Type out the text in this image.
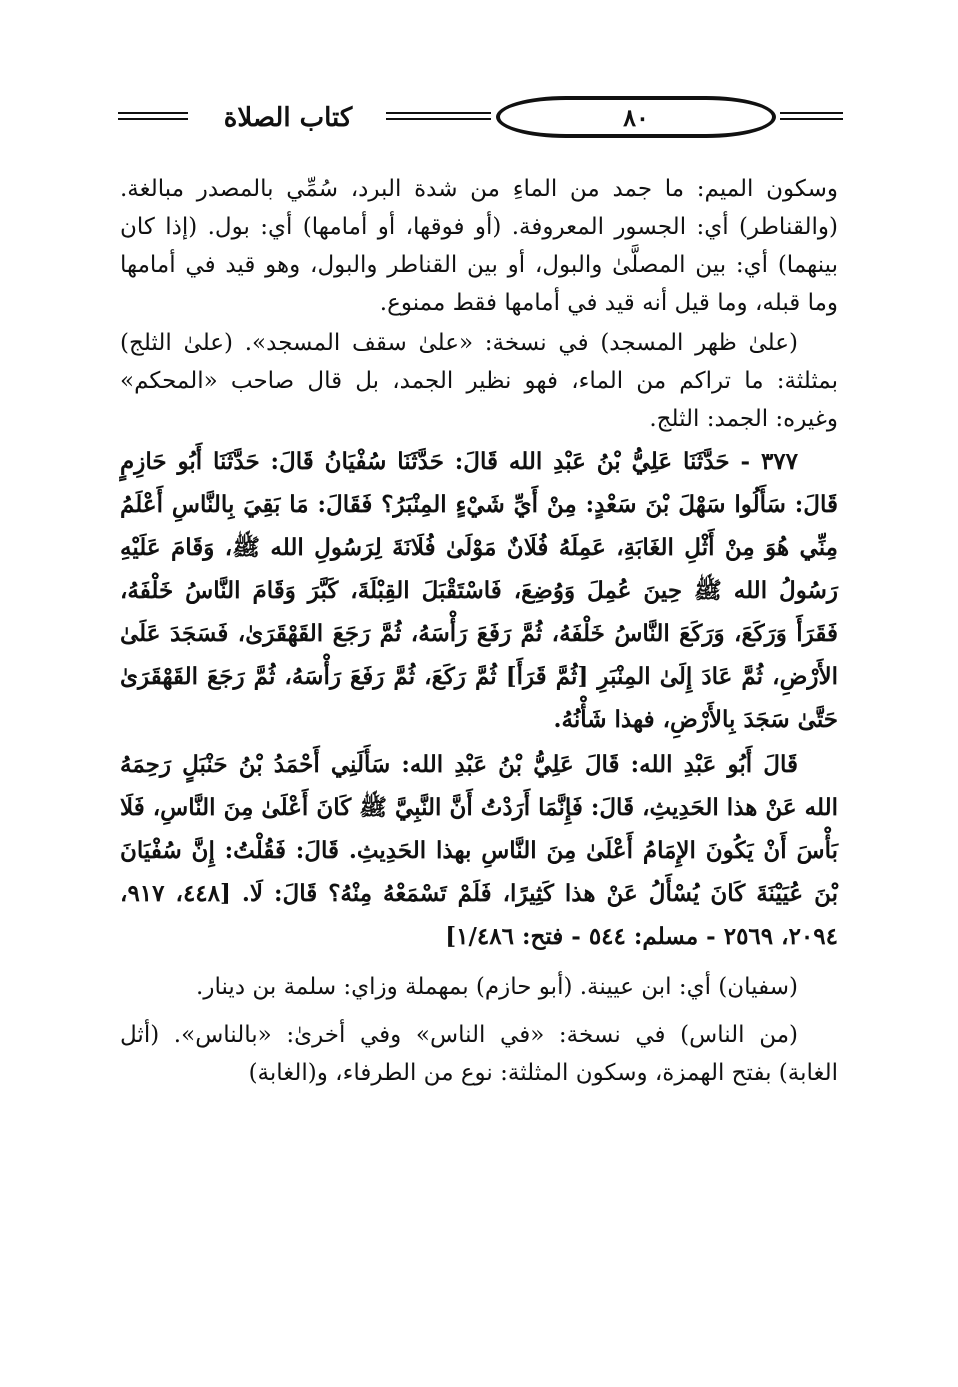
كتاب الصلاة	٨٠

وسكون الميم: ما جمد من الماءِ من شدة البرد، سُمِّي بالمصدر مبالغة. (والقناطر) أي: الجسور المعروفة. (أو فوقها، أو أمامها) أي: بول. (إذا كان بينهما) أي: بين المصلَّىٰ والبول، أو بين القناطر والبول، وهو قيد في أمامها وما قبله، وما قيل أنه قيد في أمامها فقط ممنوع.

(علىٰ ظهر المسجد) في نسخة: «علىٰ سقف المسجد». (علىٰ الثلج) بمثلثة: ما تراكم من الماء، فهو نظير الجمد، بل قال صاحب «المحكم» وغيره: الجمد: الثلج.

٣٧٧ - حَدَّثَنَا عَلِيُّ بْنُ عَبْدِ الله قَالَ: حَدَّثَنَا سُفْيَانُ قَالَ: حَدَّثَنَا أَبُو حَازِمٍ قَالَ: سَأَلُوا سَهْلَ بْنَ سَعْدٍ: مِنْ أَيِّ شَيْءٍ المِنْبَرُ؟ فَقَالَ: مَا بَقِيَ بِالنَّاسِ أَعْلَمُ مِنِّي هُوَ مِنْ أَثْلِ الغَابَةِ، عَمِلَهُ فُلَانٌ مَوْلَىٰ فُلَانَةَ لِرَسُولِ الله ﷺ، وَقَامَ عَلَيْهِ رَسُولُ الله ﷺ حِينَ عُمِلَ وَوُضِعَ، فَاسْتَقْبَلَ القِبْلَةَ، كَبَّرَ وَقَامَ النَّاسُ خَلْفَهُ، فَقَرَأَ وَرَكَعَ، وَرَكَعَ النَّاسُ خَلْفَهُ، ثُمَّ رَفَعَ رَأْسَهُ، ثُمَّ رَجَعَ القَهْقَرَىٰ، فَسَجَدَ عَلَىٰ الأَرْضِ، ثُمَّ عَادَ إِلَىٰ المِنْبَرِ [ثُمَّ قَرَأَ] ثُمَّ رَكَعَ، ثُمَّ رَفَعَ رَأْسَهُ، ثُمَّ رَجَعَ القَهْقَرَىٰ حَتَّىٰ سَجَدَ بِالأَرْضِ، فهذا شَأْنُهُ.

قَالَ أَبُو عَبْدِ الله: قَالَ عَلِيُّ بْنُ عَبْدِ الله: سَأَلَنِي أَحْمَدُ بْنُ حَنْبَلٍ رَحِمَهُ الله عَنْ هذا الحَدِيثِ، قَالَ: فَإِنَّمَا أَرَدْتُ أَنَّ النَّبِيَّ ﷺ كَانَ أَعْلَىٰ مِنَ النَّاسِ، فَلَا بَأْسَ أَنْ يَكُونَ الإِمَامُ أَعْلَىٰ مِنَ النَّاسِ بهذا الحَدِيثِ. قَالَ: فَقُلْتُ: إِنَّ سُفْيَانَ بْنَ عُيَيْنَةَ كَانَ يُسْأَلُ عَنْ هذا كَثِيرًا، فَلَمْ تَسْمَعْهُ مِنْهُ؟ قَالَ: لَا. [٤٤٨، ٩١٧، ٢٠٩٤، ٢٥٦٩ - مسلم: ٥٤٤ - فتح: ١/٤٨٦]

(سفيان) أي: ابن عيينة. (أبو حازم) بمهملة وزاي: سلمة بن دينار.

(من الناس) في نسخة: «في الناس» وفي أخرىٰ: «بالناس». (أثل الغابة) بفتح الهمزة، وسكون المثلثة: نوع من الطرفاء، و(الغابة)
